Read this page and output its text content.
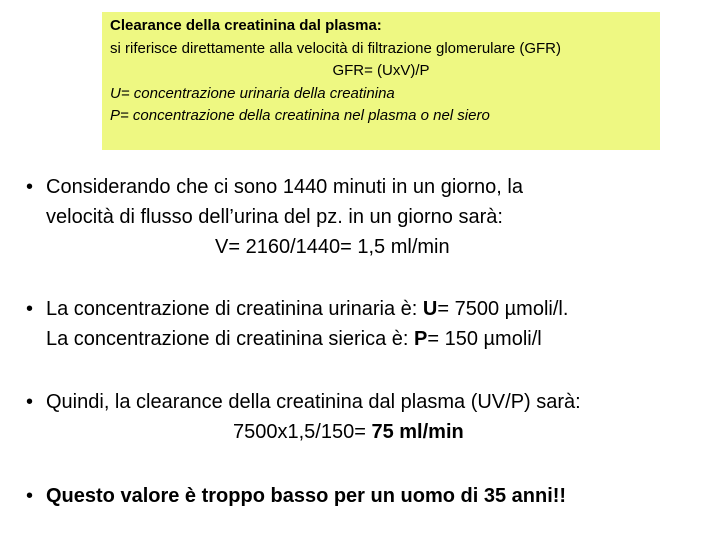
Clearance della creatinina dal plasma:
si riferisce direttamente alla velocità di filtrazione glomerulare (GFR)
GFR= (UxV)/P
U= concentrazione urinaria della creatinina
P= concentrazione della creatinina nel plasma o nel siero
• Considerando che ci sono 1440 minuti in un giorno, la
velocità di flusso dell’urina del pz. in un giorno sarà:
V= 2160/1440= 1,5 ml/min
• La concentrazione di creatinina urinaria è: U= 7500 µmoli/l.
La concentrazione di creatinina sierica è: P= 150 µmoli/l
• Quindi, la clearance della creatinina dal plasma (UV/P) sarà:
7500x1,5/150= 75 ml/min
• Questo valore è troppo basso per un uomo di 35 anni!!
